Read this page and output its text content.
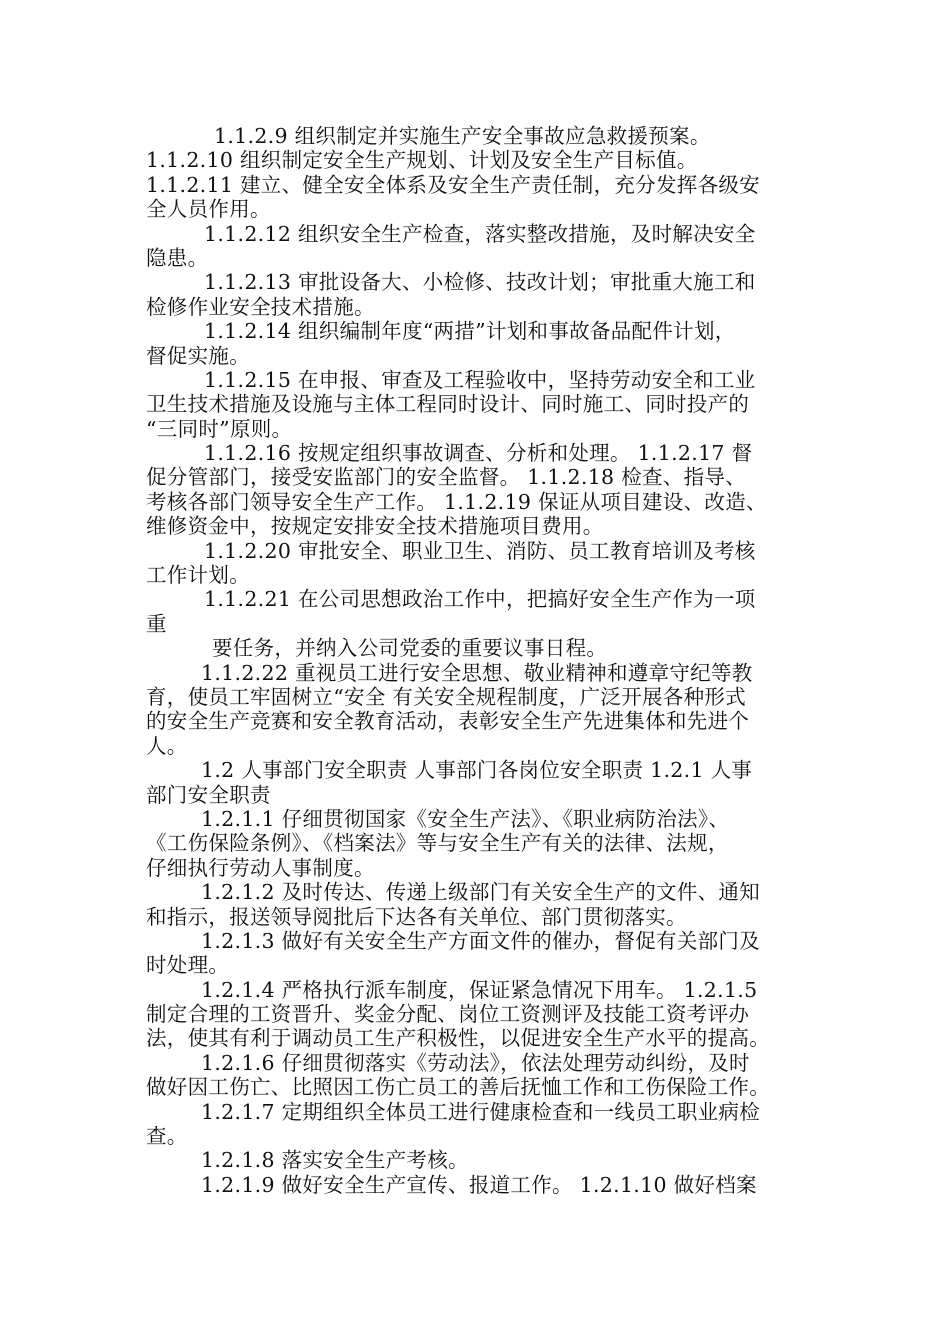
1.1.2.9 组织制定并实施生产安全事故应急救援预案。
1.1.2.10 组织制定安全生产规划、计划及安全生产目标值。
1.1.2.11 建立、健全安全体系及安全生产责任制，充分发挥各级安
全人员作用。
1.1.2.12 组织安全生产检查，落实整改措施，及时解决安全
隐患。
1.1.2.13 审批设备大、小检修、技改计划；审批重大施工和
检修作业安全技术措施。
1.1.2.14 组织编制年度“两措”计划和事故备品配件计划，
督促实施。
1.1.2.15 在申报、审查及工程验收中，坚持劳动安全和工业
卫生技术措施及设施与主体工程同时设计、同时施工、同时投产的
“三同时”原则。
1.1.2.16 按规定组织事故调查、分析和处理。 1.1.2.17 督
促分管部门，接受安监部门的安全监督。 1.1.2.18 检查、指导、
考核各部门领导安全生产工作。 1.1.2.19 保证从项目建设、改造、
维修资金中，按规定安排安全技术措施项目费用。
1.1.2.20 审批安全、职业卫生、消防、员工教育培训及考核
工作计划。
1.1.2.21 在公司思想政治工作中，把搞好安全生产作为一项
重
要任务，并纳入公司党委的重要议事日程。
1.1.2.22 重视员工进行安全思想、敬业精神和遵章守纪等教
育，使员工牢固树立“安全 有关安全规程制度，广泛开展各种形式
的安全生产竞赛和安全教育活动，表彰安全生产先进集体和先进个
人。
1.2 人事部门安全职责 人事部门各岗位安全职责 1.2.1 人事
部门安全职责
1.2.1.1 仔细贯彻国家《安全生产法》、《职业病防治法》、
《工伤保险条例》、《档案法》等与安全生产有关的法律、法规，
仔细执行劳动人事制度。
1.2.1.2 及时传达、传递上级部门有关安全生产的文件、通知
和指示，报送领导阅批后下达各有关单位、部门贯彻落实。
1.2.1.3 做好有关安全生产方面文件的催办，督促有关部门及
时处理。
1.2.1.4 严格执行派车制度，保证紧急情况下用车。 1.2.1.5
制定合理的工资晋升、奖金分配、岗位工资测评及技能工资考评办
法，使其有利于调动员工生产积极性，以促进安全生产水平的提高。
1.2.1.6 仔细贯彻落实《劳动法》，依法处理劳动纠纷，及时
做好因工伤亡、比照因工伤亡员工的善后抚恤工作和工伤保险工作。
1.2.1.7 定期组织全体员工进行健康检查和一线员工职业病检
查。
1.2.1.8 落实安全生产考核。
1.2.1.9 做好安全生产宣传、报道工作。 1.2.1.10 做好档案
